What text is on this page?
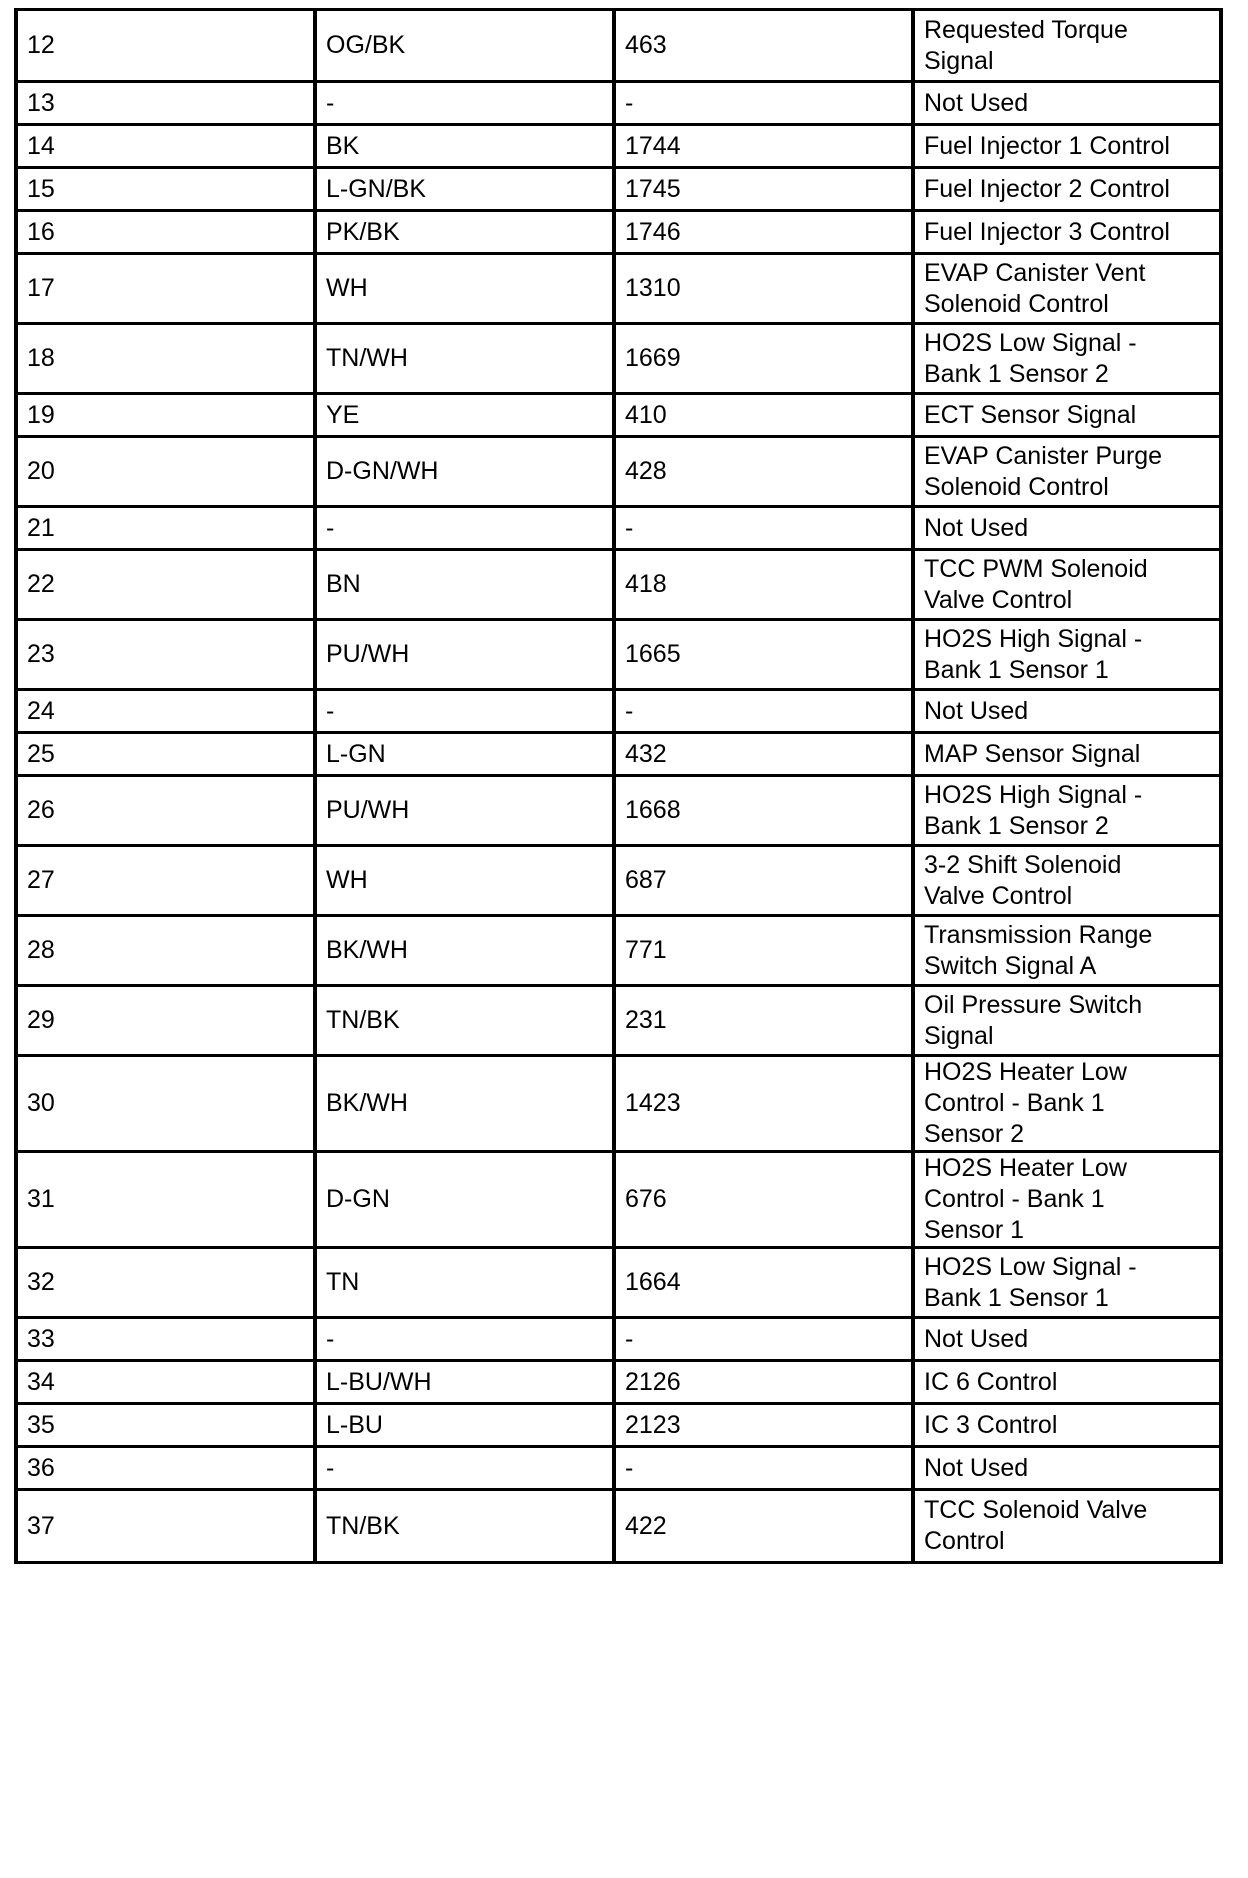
12	OG/BK	463	Requested Torque
Signal
13	-	-	Not Used
14	BK	1744	Fuel Injector 1 Control
15	L-GN/BK	1745	Fuel Injector 2 Control
16	PK/BK	1746	Fuel Injector 3 Control
17	WH	1310	EVAP Canister Vent
Solenoid Control
18	TN/WH	1669	HO2S Low Signal -
Bank 1 Sensor 2
19	YE	410	ECT Sensor Signal
20	D-GN/WH	428	EVAP Canister Purge
Solenoid Control
21	-	-	Not Used
22	BN	418	TCC PWM Solenoid
Valve Control
23	PU/WH	1665	HO2S High Signal -
Bank 1 Sensor 1
24	-	-	Not Used
25	L-GN	432	MAP Sensor Signal
26	PU/WH	1668	HO2S High Signal -
Bank 1 Sensor 2
27	WH	687	3-2 Shift Solenoid
Valve Control
28	BK/WH	771	Transmission Range
Switch Signal A
29	TN/BK	231	Oil Pressure Switch
Signal
30	BK/WH	1423	HO2S Heater Low
Control - Bank 1
Sensor 2
31	D-GN	676	HO2S Heater Low
Control - Bank 1
Sensor 1
32	TN	1664	HO2S Low Signal -
Bank 1 Sensor 1
33	-	-	Not Used
34	L-BU/WH	2126	IC 6 Control
35	L-BU	2123	IC 3 Control
36	-	-	Not Used
37	TN/BK	422	TCC Solenoid Valve
Control
